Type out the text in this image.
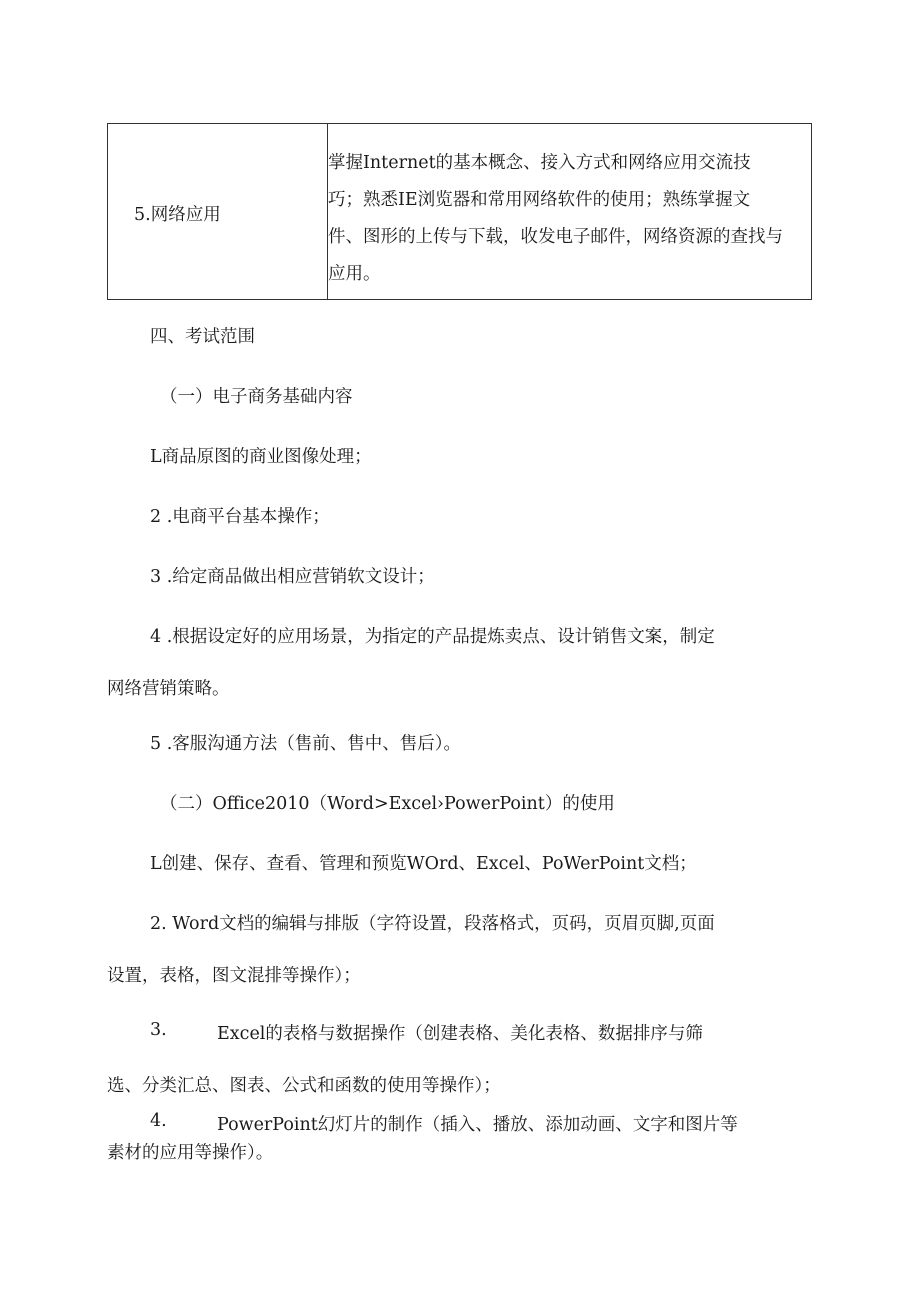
5.网络应用
掌握Internet的基本概念、接入方式和网络应用交流技
巧；熟悉IE浏览器和常用网络软件的使用；熟练掌握文
件、图形的上传与下载，收发电子邮件，网络资源的查找与
应用。
四、考试范围
（一）电子商务基础内容
L商品原图的商业图像处理；
2 .电商平台基本操作；
3 .给定商品做出相应营销软文设计；
4 .根据设定好的应用场景，为指定的产品提炼卖点、设计销售文案，制定
网络营销策略。
5 .客服沟通方法（售前、售中、售后）。
（二）Office2010（Word>Excel›PowerPoint）的使用
L创建、保存、查看、管理和预览WOrd、Excel、PoWerPoint文档；
2. Word文档的编辑与排版（字符设置，段落格式，页码，页眉页脚,页面
设置，表格，图文混排等操作）；
3.	Excel的表格与数据操作（创建表格、美化表格、数据排序与筛
选、分类汇总、图表、公式和函数的使用等操作）；
4.	PowerPoint幻灯片的制作（插入、播放、添加动画、文字和图片等
素材的应用等操作）。
